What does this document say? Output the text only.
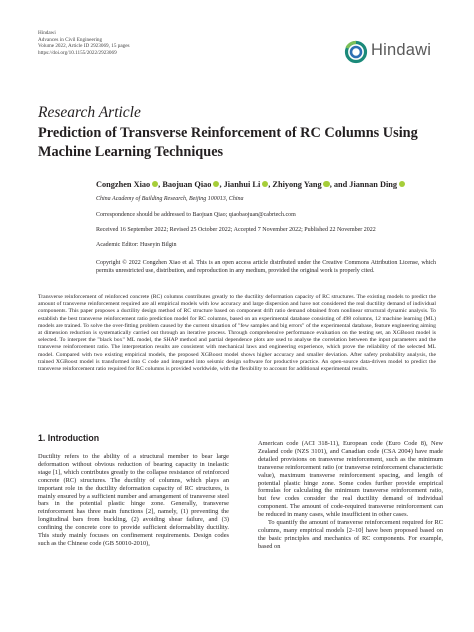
Hindawi
Advances in Civil Engineering
Volume 2022, Article ID 2923069, 15 pages
https://doi.org/10.1155/2022/2923069	Hindawi
Research Article
Prediction of Transverse Reinforcement of RC Columns Using Machine Learning Techniques
Congzhen Xiao , Baojuan Qiao , Jianhui Li , Zhiyong Yang , and Jiannan Ding
China Academy of Building Research, Beijing 100013, China
Correspondence should be addressed to Baojuan Qiao; qiaobaojuan@cabrtech.com
Received 16 September 2022; Revised 25 October 2022; Accepted 7 November 2022; Published 22 November 2022
Academic Editor: Huseyin Bilgin
Copyright © 2022 Congzhen Xiao et al. This is an open access article distributed under the Creative Commons Attribution License, which permits unrestricted use, distribution, and reproduction in any medium, provided the original work is properly cited.

Transverse reinforcement of reinforced concrete (RC) columns contributes greatly to the ductility deformation capacity of RC structures. The existing models to predict the amount of transverse reinforcement required are all empirical models with low accuracy and large dispersion and have not considered the real ductility demand of individual components. This paper proposes a ductility design method of RC structure based on component drift ratio demand obtained from nonlinear structural dynamic analysis. To establish the best transverse reinforcement ratio prediction model for RC columns, based on an experimental database consisting of 498 columns, 12 machine learning (ML) models are trained. To solve the over-fitting problem caused by the current situation of "few samples and big errors" of the experimental database, feature engineering aiming at dimension reduction is systematically carried out through an iterative process. Through comprehensive performance evaluation on the testing set, an XGBoost model is selected. To interpret the "black box" ML model, the SHAP method and partial dependence plots are used to analyse the correlation between the input parameters and the transverse reinforcement ratio. The interpretation results are consistent with mechanical laws and engineering experience, which prove the reliability of the selected ML model. Compared with two existing empirical models, the proposed XGBoost model shows higher accuracy and smaller deviation. After safety probability analysis, the trained XGBoost model is transformed into C code and integrated into seismic design software for productive practice. An open-source data-driven model to predict the transverse reinforcement ratio required for RC columns is provided worldwide, with the flexibility to account for additional experimental results.

1. Introduction

Ductility refers to the ability of a structural member to bear large deformation without obvious reduction of bearing capacity in inelastic stage [1], which contributes greatly to the collapse resistance of reinforced concrete (RC) structures. The ductility of columns, which plays an important role in the ductility deformation capacity of RC structures, is mainly ensured by a sufficient number and arrangement of transverse steel bars in the potential plastic hinge zone. Generally, transverse reinforcement has three main functions [2], namely, (1) preventing the longitudinal bars from buckling, (2) avoiding shear failure, and (3) confining the concrete core to provide sufficient deformability ductility. This study mainly focuses on confinement requirements. Design codes such as the Chinese code (GB 50010-2010),

American code (ACI 318-11), European code (Euro Code 8), New Zealand code (NZS 3101), and Canadian code (CSA 2004) have made detailed provisions on transverse reinforcement, such as the minimum transverse reinforcement ratio (or transverse reinforcement characteristic value), maximum transverse reinforcement spacing, and length of potential plastic hinge zone. Some codes further provide empirical formulas for calculating the minimum transverse reinforcement ratio, but few codes consider the real ductility demand of individual component. The amount of code-required transverse reinforcement can be reduced in many cases, while insufficient in other cases.

To quantify the amount of transverse reinforcement required for RC columns, many empirical models [2–10] have been proposed based on the basic principles and mechanics of RC components. For example, based on
